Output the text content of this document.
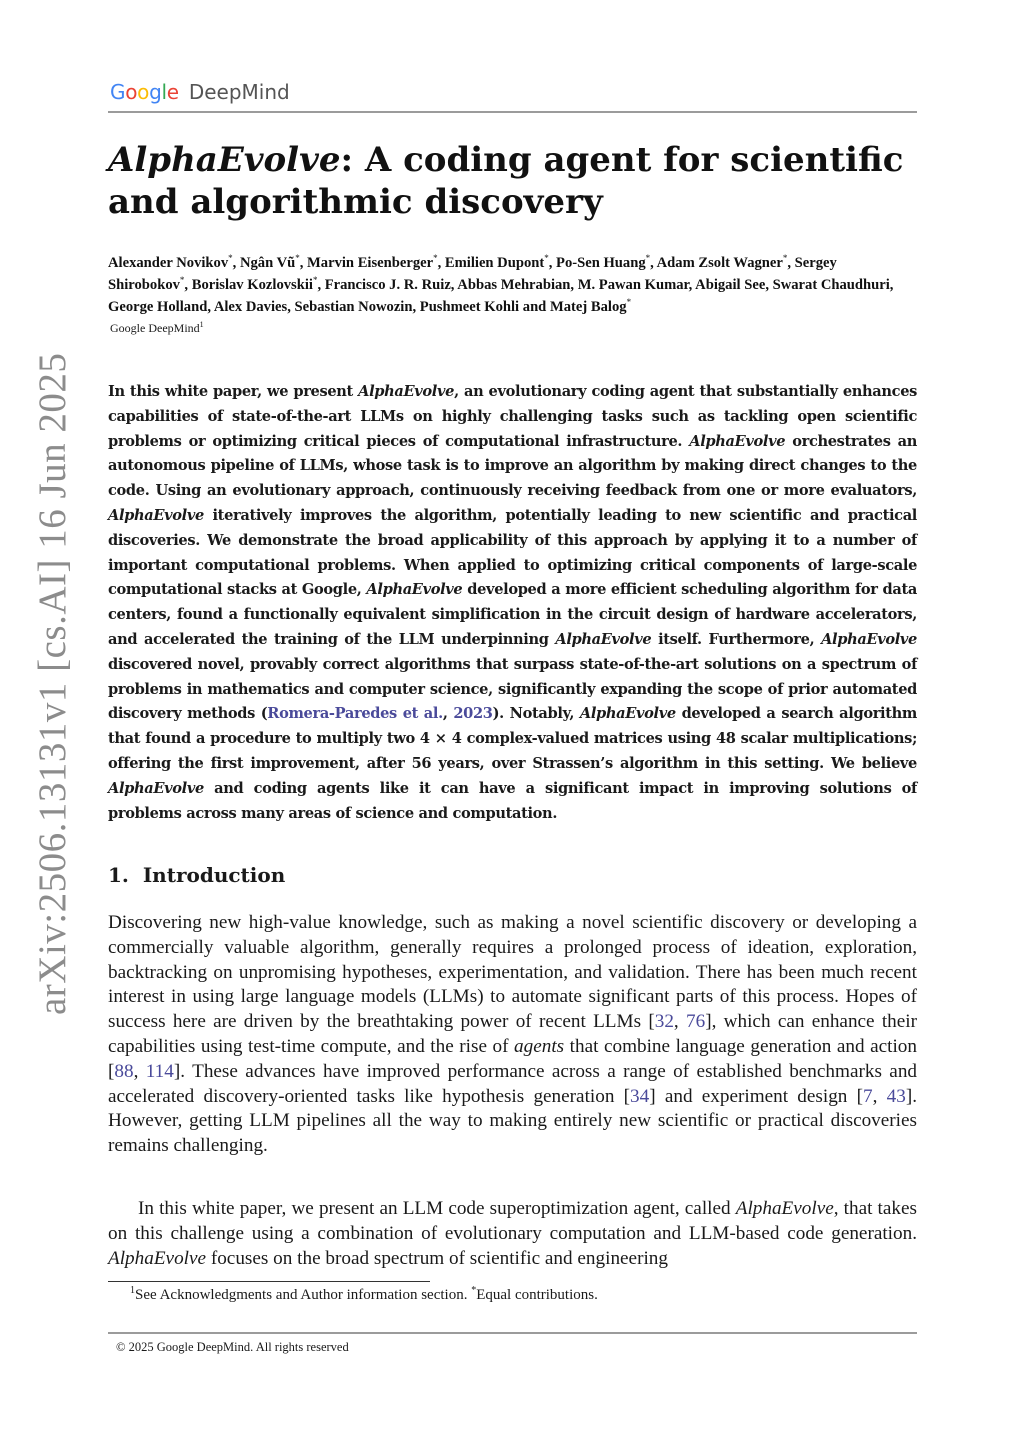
Google DeepMind
arXiv:2506.13131v1 [cs.AI] 16 Jun 2025
AlphaEvolve: A coding agent for scientific and algorithmic discovery
Alexander Novikov*, Ngân Vũ*, Marvin Eisenberger*, Emilien Dupont*, Po-Sen Huang*, Adam Zsolt Wagner*, Sergey Shirobokov*, Borislav Kozlovskii*, Francisco J. R. Ruiz, Abbas Mehrabian, M. Pawan Kumar, Abigail See, Swarat Chaudhuri, George Holland, Alex Davies, Sebastian Nowozin, Pushmeet Kohli and Matej Balog*
Google DeepMind$^1$

In this white paper, we present AlphaEvolve, an evolutionary coding agent that substantially enhances capabilities of state-of-the-art LLMs on highly challenging tasks such as tackling open scientific problems or optimizing critical pieces of computational infrastructure. AlphaEvolve orchestrates an autonomous pipeline of LLMs, whose task is to improve an algorithm by making direct changes to the code. Using an evolutionary approach, continuously receiving feedback from one or more evaluators, AlphaEvolve iteratively improves the algorithm, potentially leading to new scientific and practical discoveries. We demonstrate the broad applicability of this approach by applying it to a number of important computational problems. When applied to optimizing critical components of large-scale computational stacks at Google, AlphaEvolve developed a more efficient scheduling algorithm for data centers, found a functionally equivalent simplification in the circuit design of hardware accelerators, and accelerated the training of the LLM underpinning AlphaEvolve itself. Furthermore, AlphaEvolve discovered novel, provably correct algorithms that surpass state-of-the-art solutions on a spectrum of problems in mathematics and computer science, significantly expanding the scope of prior automated discovery methods (Romera-Paredes et al., 2023). Notably, AlphaEvolve developed a search algorithm that found a procedure to multiply two 4 × 4 complex-valued matrices using 48 scalar multiplications; offering the first improvement, after 56 years, over Strassen’s algorithm in this setting. We believe AlphaEvolve and coding agents like it can have a significant impact in improving solutions of problems across many areas of science and computation.

1. Introduction

Discovering new high-value knowledge, such as making a novel scientific discovery or developing a commercially valuable algorithm, generally requires a prolonged process of ideation, exploration, backtracking on unpromising hypotheses, experimentation, and validation. There has been much recent interest in using large language models (LLMs) to automate significant parts of this process. Hopes of success here are driven by the breathtaking power of recent LLMs [32, 76], which can enhance their capabilities using test-time compute, and the rise of agents that combine language generation and action [88, 114]. These advances have improved performance across a range of established benchmarks and accelerated discovery-oriented tasks like hypothesis generation [34] and experiment design [7, 43]. However, getting LLM pipelines all the way to making entirely new scientific or practical discoveries remains challenging.

In this white paper, we present an LLM code superoptimization agent, called AlphaEvolve, that takes on this challenge using a combination of evolutionary computation and LLM-based code generation. AlphaEvolve focuses on the broad spectrum of scientific and engineering

$^1$See Acknowledgments and Author information section. *Equal contributions.
© 2025 Google DeepMind. All rights reserved
